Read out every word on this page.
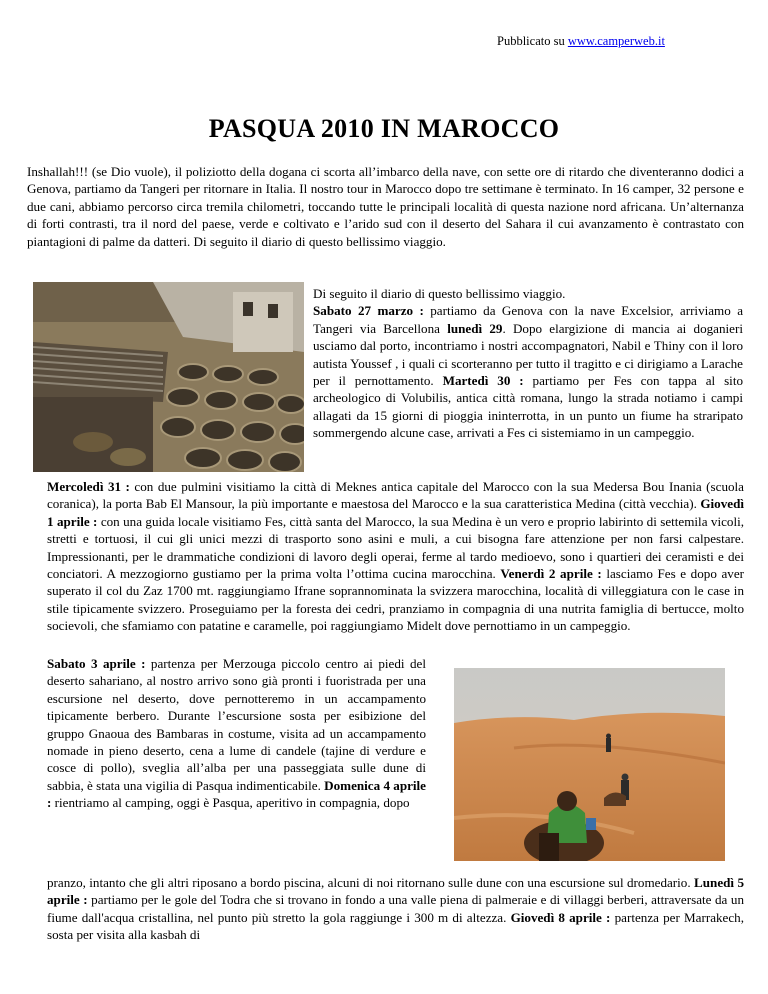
Pubblicato su www.camperweb.it
PASQUA 2010 IN MAROCCO

Inshallah!!! (se Dio vuole), il poliziotto della dogana ci scorta all’imbarco della nave, con sette ore di ritardo che diventeranno dodici a Genova, partiamo da Tangeri per ritornare in Italia. Il nostro tour in Marocco dopo tre settimane è terminato. In 16 camper, 32 persone e due cani, abbiamo percorso circa tremila chilometri, toccando tutte le principali località di questa nazione nord africana. Un’alternanza di forti contrasti, tra il nord del paese, verde e coltivato e l’arido sud con il deserto del Sahara il cui avanzamento è contrastato con piantagioni di palme da datteri. Di seguito il diario di questo bellissimo viaggio.

Di seguito il diario di questo bellissimo viaggio.
Sabato 27 marzo : partiamo da Genova con la nave Excelsior, arriviamo a Tangeri via Barcellona lunedì 29. Dopo elargizione di mancia ai doganieri usciamo dal porto, incontriamo i nostri accompagnatori, Nabil e Thiny con il loro autista Youssef , i quali ci scorteranno per tutto il tragitto e ci dirigiamo a Larache per il pernottamento. Martedì 30 : partiamo per Fes con tappa al sito archeologico di Volubilis, antica città romana, lungo la strada notiamo i campi allagati da 15 giorni di pioggia ininterrotta, in un punto un fiume ha straripato sommergendo alcune case, arrivati a Fes ci sistemiamo in un campeggio.

Mercoledì 31 : con due pulmini visitiamo la città di Meknes antica capitale del Marocco con la sua Medersa Bou Inania (scuola coranica), la porta Bab El Mansour, la più importante e maestosa del Marocco e la sua caratteristica Medina (città vecchia). Giovedì 1 aprile : con una guida locale visitiamo Fes, città santa del Marocco, la sua Medina è un vero e proprio labirinto di settemila vicoli, stretti e tortuosi, il cui gli unici mezzi di trasporto sono asini e muli, a cui bisogna fare attenzione per non farsi calpestare. Impressionanti, per le drammatiche condizioni di lavoro degli operai, ferme al tardo medioevo, sono i quartieri dei ceramisti e dei conciatori. A mezzogiorno gustiamo per la prima volta l’ottima cucina marocchina. Venerdì 2 aprile : lasciamo Fes e dopo aver superato il col du Zaz 1700 mt. raggiungiamo Ifrane soprannominata la svizzera marocchina, località di villeggiatura con le case in stile tipicamente svizzero. Proseguiamo per la foresta dei cedri, pranziamo in compagnia di una nutrita famiglia di bertucce, molto socievoli, che sfamiamo con patatine e caramelle, poi raggiungiamo Midelt dove pernottiamo in un campeggio.

Sabato 3 aprile : partenza per Merzouga piccolo centro ai piedi del deserto sahariano, al nostro arrivo sono già pronti i fuoristrada per una escursione nel deserto, dove pernotteremo in un accampamento tipicamente berbero. Durante l’escursione sosta per esibizione del gruppo Gnaoua des Bambaras in costume, visita ad un accampamento nomade in pieno deserto, cena a lume di candele (tajine di verdure e cosce di pollo), sveglia all’alba per una passeggiata sulle dune di sabbia, è stata una vigilia di Pasqua indimenticabile. Domenica 4 aprile : rientriamo al camping, oggi è Pasqua, aperitivo in compagnia, dopo

pranzo, intanto che gli altri riposano a bordo piscina, alcuni di noi ritornano sulle dune con una escursione sul dromedario. Lunedì 5 aprile : partiamo per le gole del Todra che si trovano in fondo a una valle piena di palmeraie e di villaggi berberi, attraversate da un fiume dall'acqua cristallina, nel punto più stretto la gola raggiunge i 300 m di altezza. Giovedì 8 aprile : partenza per Marrakech, sosta per visita alla kasbah di
